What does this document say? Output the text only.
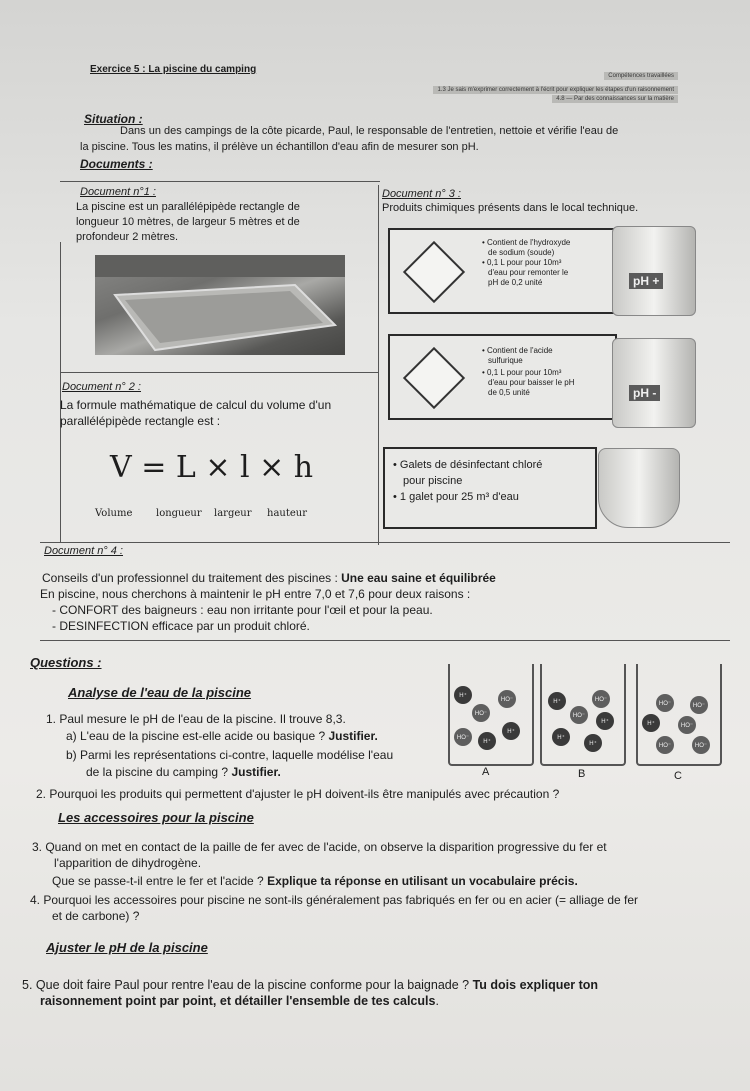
Exercice 5 : La piscine du camping
Compétences travaillées
1.3 Je sais m'exprimer correctement à l'écrit pour expliquer les étapes d'un raisonnement
4.8 — Par des connaissances sur la matière
Situation :
Dans un des campings de la côte picarde, Paul, le responsable de l'entretien, nettoie et vérifie l'eau de
la piscine. Tous les matins, il prélève un échantillon d'eau afin de mesurer son pH.
Documents :
Document n°1 :
La piscine est un parallélépipède rectangle de
longueur 10 mètres, de largeur 5 mètres et de
profondeur 2 mètres.
Document n° 2 :
La formule mathématique de calcul du volume d'un
parallélépipède rectangle est :
V = L × l × h
Volume longueur largeur hauteur
Document n° 3 :
Produits chimiques présents dans le local technique.
• Contient de l'hydroxyde
de sodium (soude)
• 0,1 L pour pour 10m³
d'eau pour remonter le
pH de 0,2 unité	pH +
• Contient de l'acide
sulfurique
• 0,1 L pour pour 10m³
d'eau pour baisser le pH
de 0,5 unité	pH -
• Galets de désinfectant chloré
pour piscine
• 1 galet pour 25 m³ d'eau
Document n° 4 :
Conseils d'un professionnel du traitement des piscines : Une eau saine et équilibrée
En piscine, nous cherchons à maintenir le pH entre 7,0 et 7,6 pour deux raisons :
- CONFORT des baigneurs : eau non irritante pour l'œil et pour la peau.
- DESINFECTION efficace par un produit chloré.
Questions :
Analyse de l'eau de la piscine
1. Paul mesure le pH de l'eau de la piscine. Il trouve 8,3.
a) L'eau de la piscine est-elle acide ou basique ? Justifier.
b) Parmi les représentations ci-contre, laquelle modélise l'eau
de la piscine du camping ? Justifier.
2. Pourquoi les produits qui permettent d'ajuster le pH doivent-ils être manipulés avec précaution ?
H⁺
HO⁻
HO⁻
H⁺
HO⁻
H⁺
H⁺	HO⁻
HO⁻
H⁺
H⁺
H⁺
HO⁻	HO⁻
H⁺	HO⁻
HO⁻	HO⁻
A	B	C
Les accessoires pour la piscine
3. Quand on met en contact de la paille de fer avec de l'acide, on observe la disparition progressive du fer et
l'apparition de dihydrogène.
Que se passe-t-il entre le fer et l'acide ? Explique ta réponse en utilisant un vocabulaire précis.
4. Pourquoi les accessoires pour piscine ne sont-ils généralement pas fabriqués en fer ou en acier (= alliage de fer
et de carbone) ?
Ajuster le pH de la piscine
5. Que doit faire Paul pour rentre l'eau de la piscine conforme pour la baignade ? Tu dois expliquer ton
raisonnement point par point, et détailler l'ensemble de tes calculs.
